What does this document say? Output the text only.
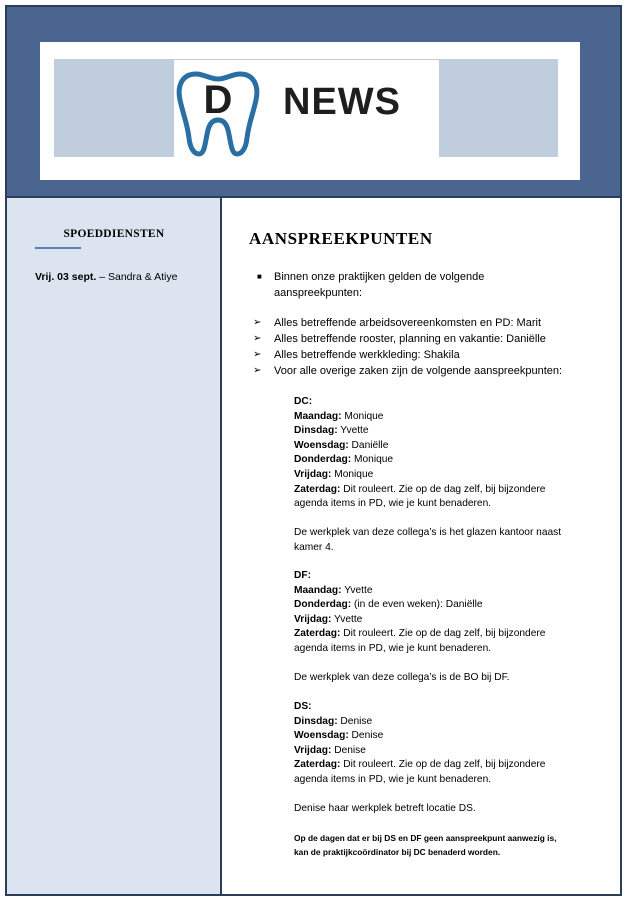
D NEWS
SPOEDDIENSTEN
Vrij. 03 sept. – Sandra & Atiye
AANSPREEKPUNTEN
■ Binnen onze praktijken gelden de volgende
aanspreekpunten:
➢ Alles betreffende arbeidsovereenkomsten en PD: Marit
➢ Alles betreffende rooster, planning en vakantie: Daniëlle
➢ Alles betreffende werkkleding: Shakila
➢ Voor alle overige zaken zijn de volgende aanspreekpunten:
DC:
Maandag: Monique
Dinsdag: Yvette
Woensdag: Daniëlle
Donderdag: Monique
Vrijdag: Monique
Zaterdag: Dit rouleert. Zie op de dag zelf, bij bijzondere
agenda items in PD, wie je kunt benaderen.
De werkplek van deze collega’s is het glazen kantoor naast
kamer 4.
DF:
Maandag: Yvette
Donderdag: (in de even weken): Daniëlle
Vrijdag: Yvette
Zaterdag: Dit rouleert. Zie op de dag zelf, bij bijzondere
agenda items in PD, wie je kunt benaderen.
De werkplek van deze collega’s is de BO bij DF.
DS:
Dinsdag: Denise
Woensdag: Denise
Vrijdag: Denise
Zaterdag: Dit rouleert. Zie op de dag zelf, bij bijzondere
agenda items in PD, wie je kunt benaderen.
Denise haar werkplek betreft locatie DS.
Op de dagen dat er bij DS en DF geen aanspreekpunt aanwezig is,
kan de praktijkcoördinator bij DC benaderd worden.
